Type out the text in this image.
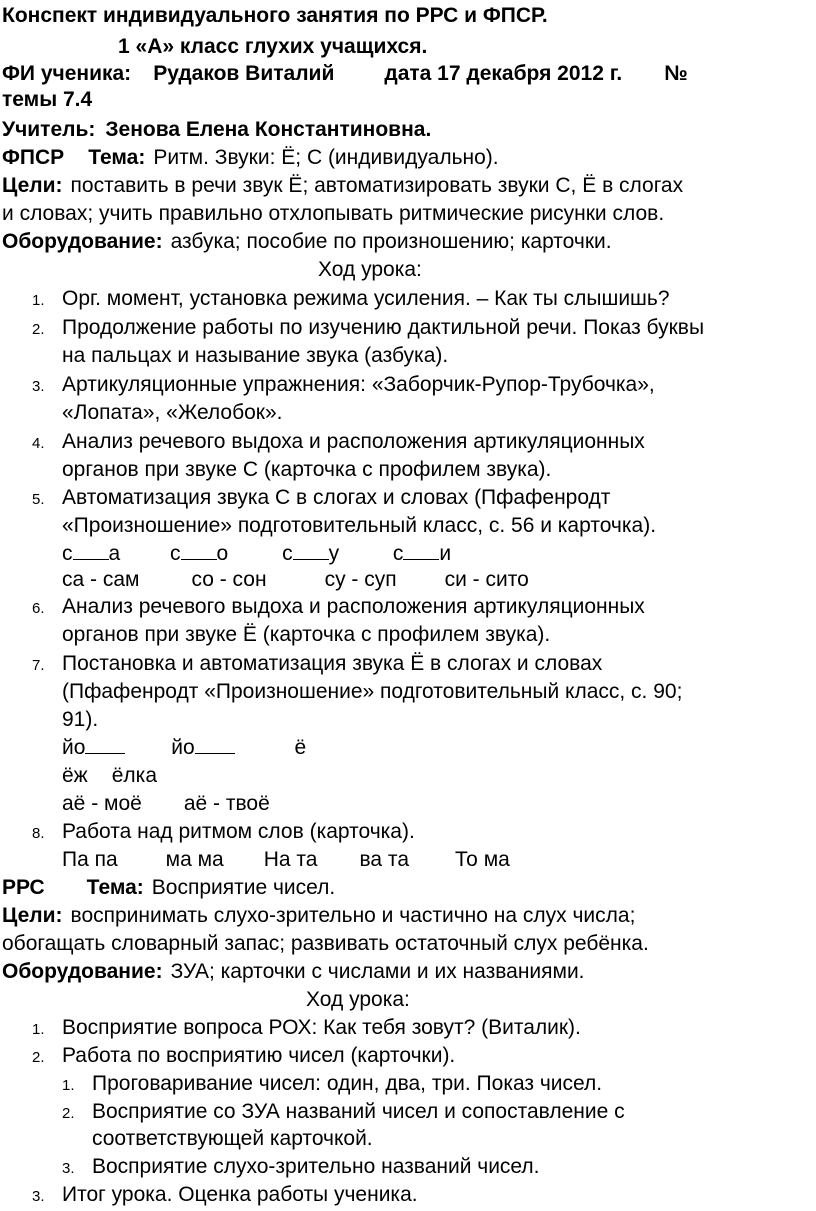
Конспект индивидуального занятия по РРС и ФПСР.
1 «А» класс глухих учащихся.
ФИ ученика: Рудаков Виталий дата 17 декабря 2012 г. №
темы 7.4
Учитель: Зенова Елена Константиновна.
ФПСР Тема: Ритм. Звуки: Ё; С (индивидуально).
Цели: поставить в речи звук Ё; автоматизировать звуки С, Ё в слогах
и словах; учить правильно отхлопывать ритмические рисунки слов.
Оборудование: азбука; пособие по произношению; карточки.
Ход урока:
1. Орг. момент, установка режима усиления. – Как ты слышишь?
2. Продолжение работы по изучению дактильной речи. Показ буквы
на пальцах и называние звука (азбука).
3. Артикуляционные упражнения: «Заборчик-Рупор-Трубочка»,
«Лопата», «Желобок».
4. Анализ речевого выдоха и расположения артикуляционных
органов при звуке С (карточка с профилем звука).
5. Автоматизация звука С в слогах и словах (Пфафенродт
«Произношение» подготовительный класс, с. 56 и карточка).
с а с о	с у	с и
са - сам со - сон	су - суп си - сито
6. Анализ речевого выдоха и расположения артикуляционных
органов при звуке Ё (карточка с профилем звука).
7. Постановка и автоматизация звука Ё в слогах и словах
(Пфафенродт «Произношение» подготовительный класс, с. 90;
91).
йо	йо	ё
ёж ёлка
аё - моё аё - твоё
8. Работа над ритмом слов (карточка).
Па па ма ма На та ва та То ма
РРС Тема: Восприятие чисел.
Цели: воспринимать слухо-зрительно и частично на слух числа;
обогащать словарный запас; развивать остаточный слух ребёнка.
Оборудование: ЗУА; карточки с числами и их названиями.
Ход урока:
1. Восприятие вопроса РОХ: Как тебя зовут? (Виталик).
2. Работа по восприятию чисел (карточки).
1. Проговаривание чисел: один, два, три. Показ чисел.
2. Восприятие со ЗУА названий чисел и сопоставление с
соответствующей карточкой.
3. Восприятие слухо-зрительно названий чисел.
3. Итог урока. Оценка работы ученика.
